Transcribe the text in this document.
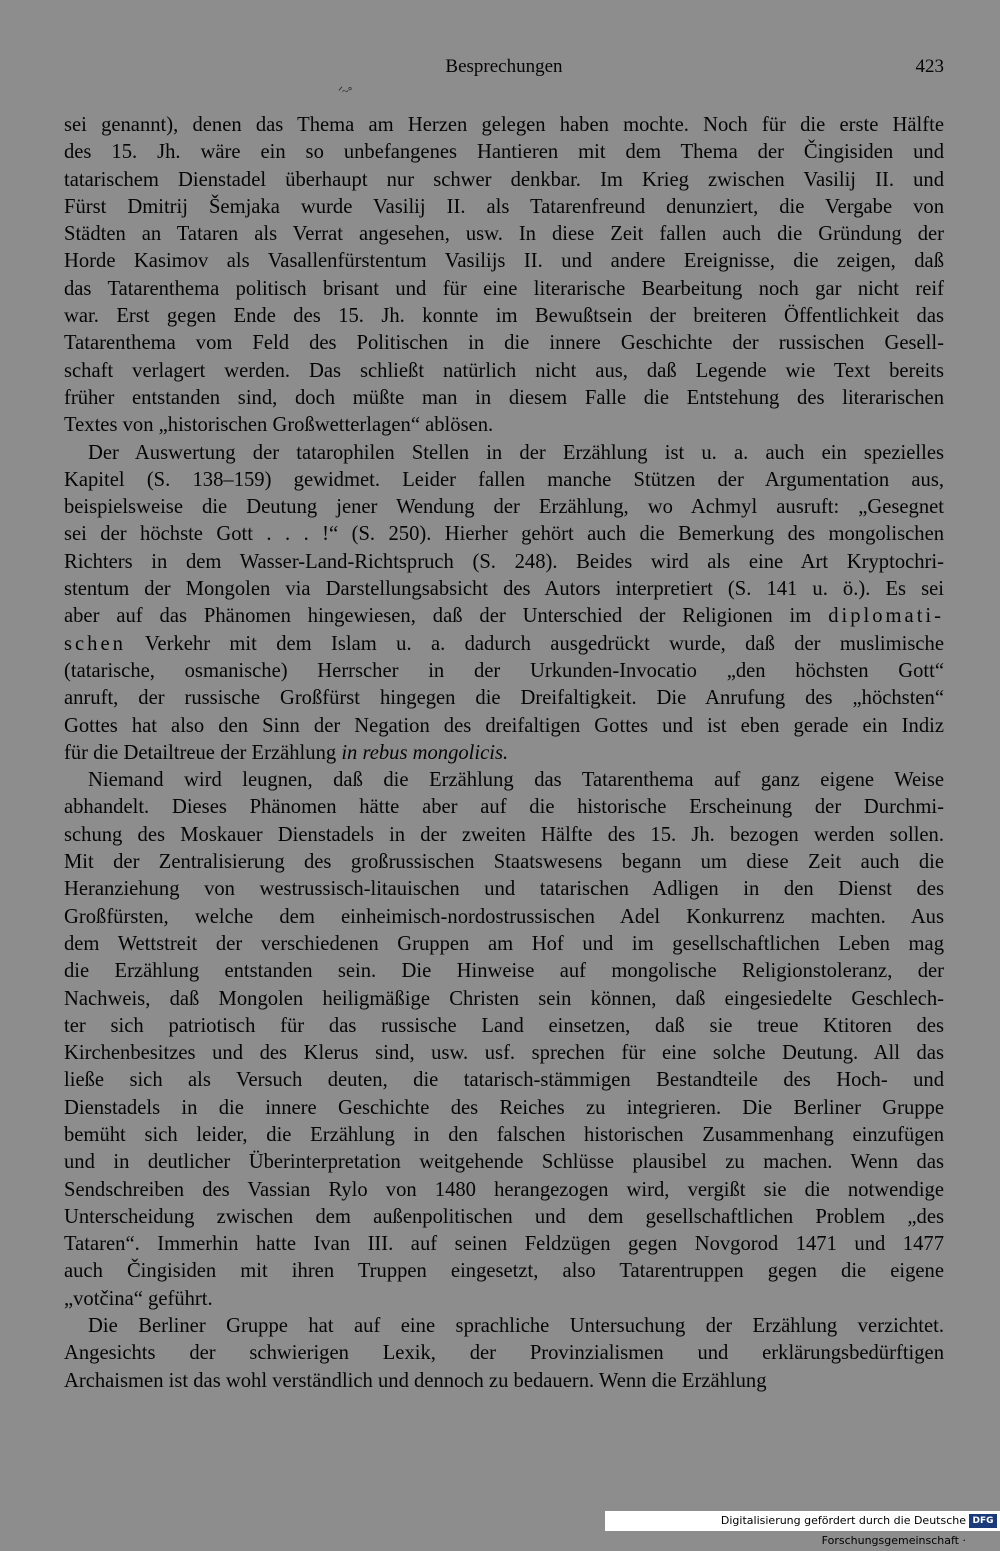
Besprechungen	423
ᐟ~ᐤ
sei genannt), denen das Thema am Herzen gelegen haben mochte. Noch für die erste Hälfte
des 15. Jh. wäre ein so unbefangenes Hantieren mit dem Thema der Čingisiden und
tatarischem Dienstadel überhaupt nur schwer denkbar. Im Krieg zwischen Vasilij II. und
Fürst Dmitrij Šemjaka wurde Vasilij II. als Tatarenfreund denunziert, die Vergabe von
Städten an Tataren als Verrat angesehen, usw. In diese Zeit fallen auch die Gründung der
Horde Kasimov als Vasallenfürstentum Vasilijs II. und andere Ereignisse, die zeigen, daß
das Tatarenthema politisch brisant und für eine literarische Bearbeitung noch gar nicht reif
war. Erst gegen Ende des 15. Jh. konnte im Bewußtsein der breiteren Öffentlichkeit das
Tatarenthema vom Feld des Politischen in die innere Geschichte der russischen Gesell-
schaft verlagert werden. Das schließt natürlich nicht aus, daß Legende wie Text bereits
früher entstanden sind, doch müßte man in diesem Falle die Entstehung des literarischen
Textes von „historischen Großwetterlagen“ ablösen.
Der Auswertung der tatarophilen Stellen in der Erzählung ist u. a. auch ein spezielles
Kapitel (S. 138–159) gewidmet. Leider fallen manche Stützen der Argumentation aus,
beispielsweise die Deutung jener Wendung der Erzählung, wo Achmyl ausruft: „Gesegnet
sei der höchste Gott . . . !“ (S. 250). Hierher gehört auch die Bemerkung des mongolischen
Richters in dem Wasser-Land-Richtspruch (S. 248). Beides wird als eine Art Kryptochri-
stentum der Mongolen via Darstellungsabsicht des Autors interpretiert (S. 141 u. ö.). Es sei
aber auf das Phänomen hingewiesen, daß der Unterschied der Religionen im diplomati-
schen Verkehr mit dem Islam u. a. dadurch ausgedrückt wurde, daß der muslimische
(tatarische, osmanische) Herrscher in der Urkunden-Invocatio „den höchsten Gott“
anruft, der russische Großfürst hingegen die Dreifaltigkeit. Die Anrufung des „höchsten“
Gottes hat also den Sinn der Negation des dreifaltigen Gottes und ist eben gerade ein Indiz
für die Detailtreue der Erzählung in rebus mongolicis.
Niemand wird leugnen, daß die Erzählung das Tatarenthema auf ganz eigene Weise
abhandelt. Dieses Phänomen hätte aber auf die historische Erscheinung der Durchmi-
schung des Moskauer Dienstadels in der zweiten Hälfte des 15. Jh. bezogen werden sollen.
Mit der Zentralisierung des großrussischen Staatswesens begann um diese Zeit auch die
Heranziehung von westrussisch-litauischen und tatarischen Adligen in den Dienst des
Großfürsten, welche dem einheimisch-nordostrussischen Adel Konkurrenz machten. Aus
dem Wettstreit der verschiedenen Gruppen am Hof und im gesellschaftlichen Leben mag
die Erzählung entstanden sein. Die Hinweise auf mongolische Religionstoleranz, der
Nachweis, daß Mongolen heiligmäßige Christen sein können, daß eingesiedelte Geschlech-
ter sich patriotisch für das russische Land einsetzen, daß sie treue Ktitoren des
Kirchenbesitzes und des Klerus sind, usw. usf. sprechen für eine solche Deutung. All das
ließe sich als Versuch deuten, die tatarisch-stämmigen Bestandteile des Hoch- und
Dienstadels in die innere Geschichte des Reiches zu integrieren. Die Berliner Gruppe
bemüht sich leider, die Erzählung in den falschen historischen Zusammenhang einzufügen
und in deutlicher Überinterpretation weitgehende Schlüsse plausibel zu machen. Wenn das
Sendschreiben des Vassian Rylo von 1480 herangezogen wird, vergißt sie die notwendige
Unterscheidung zwischen dem außenpolitischen und dem gesellschaftlichen Problem „des
Tataren“. Immerhin hatte Ivan III. auf seinen Feldzügen gegen Novgorod 1471 und 1477
auch Čingisiden mit ihren Truppen eingesetzt, also Tatarentruppen gegen die eigene
„votčina“ geführt.
Die Berliner Gruppe hat auf eine sprachliche Untersuchung der Erzählung verzichtet.
Angesichts der schwierigen Lexik, der Provinzialismen und erklärungsbedürftigen
Archaismen ist das wohl verständlich und dennoch zu bedauern. Wenn die Erzählung
Digitalisierung gefördert durch die Deutsche Forschungsgemeinschaft ·
DFG
